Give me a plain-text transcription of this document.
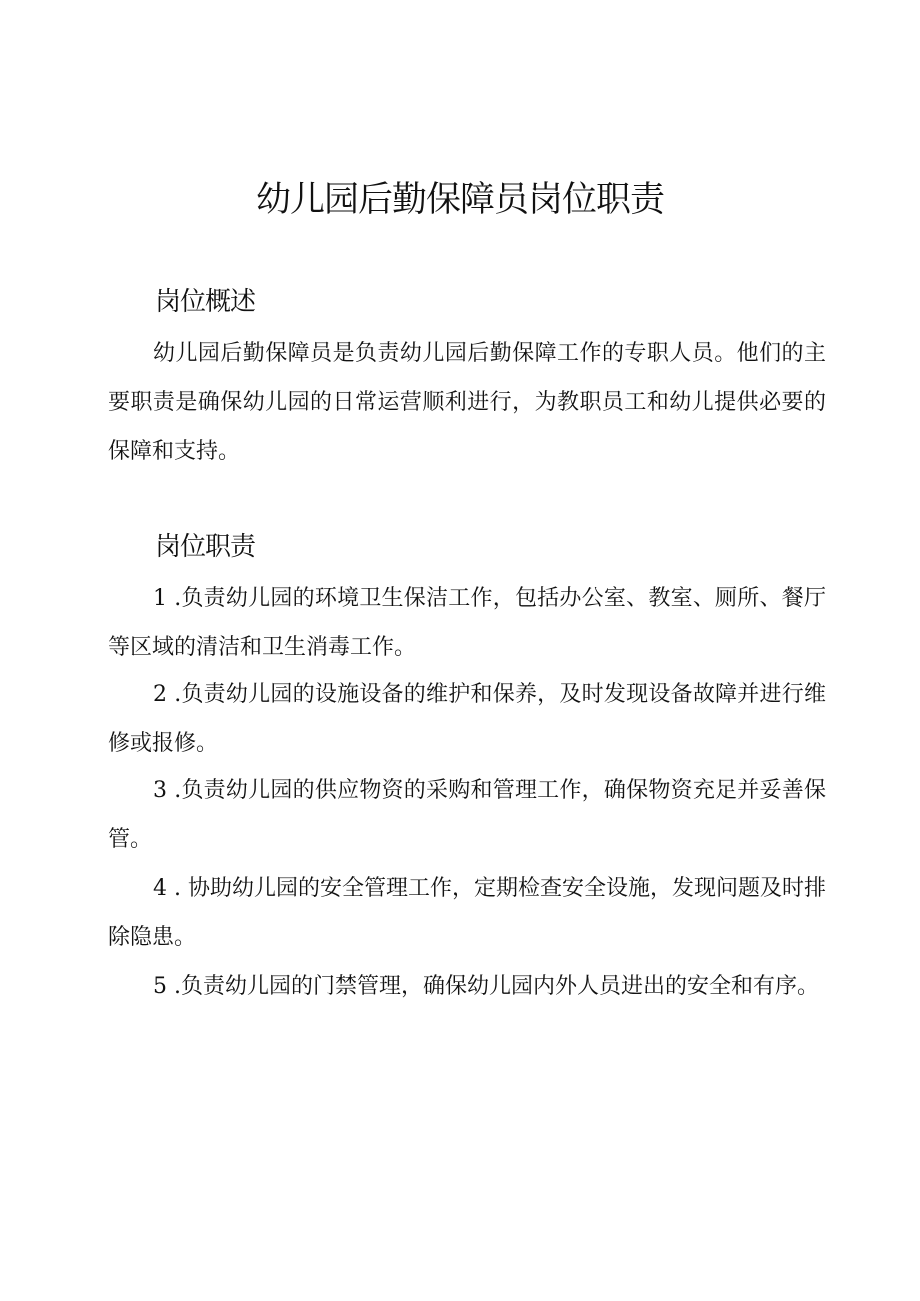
幼儿园后勤保障员岗位职责
岗位概述

幼儿园后勤保障员是负责幼儿园后勤保障工作的专职人员。他们的主要职责是确保幼儿园的日常运营顺利进行，为教职员工和幼儿提供必要的保障和支持。

岗位职责

1 .负责幼儿园的环境卫生保洁工作，包括办公室、教室、厕所、餐厅等区域的清洁和卫生消毒工作。

2 .负责幼儿园的设施设备的维护和保养，及时发现设备故障并进行维修或报修。

3 .负责幼儿园的供应物资的采购和管理工作，确保物资充足并妥善保管。

4 . 协助幼儿园的安全管理工作，定期检查安全设施，发现问题及时排除隐患。

5 .负责幼儿园的门禁管理，确保幼儿园内外人员进出的安全和有序。
